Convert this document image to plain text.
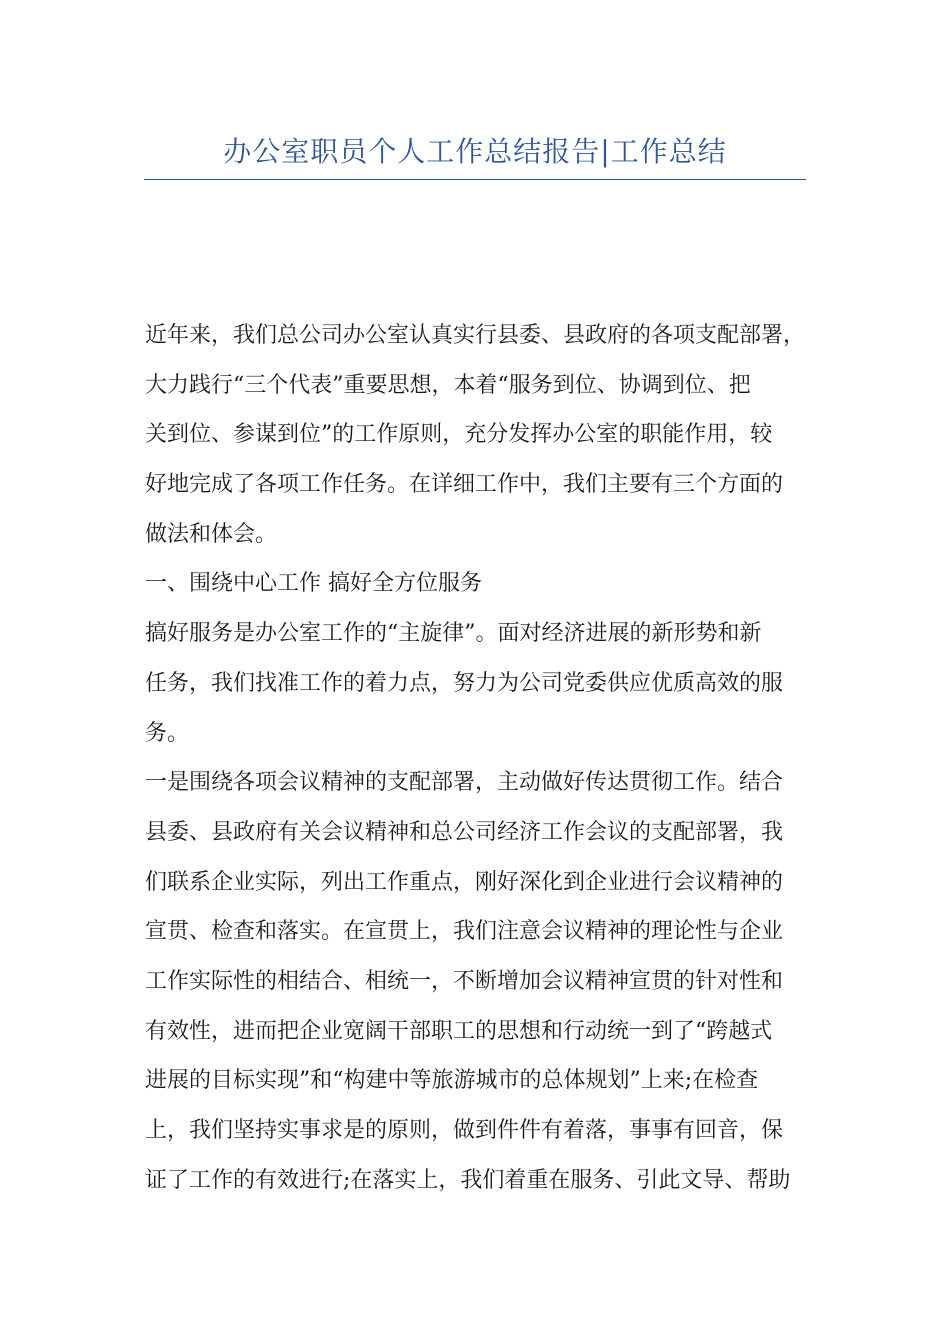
办公室职员个人工作总结报告|工作总结
近年来，我们总公司办公室认真实行县委、县政府的各项支配部署，
大力践行“三个代表”重要思想，本着“服务到位、协调到位、把
关到位、参谋到位”的工作原则，充分发挥办公室的职能作用，较
好地完成了各项工作任务。在详细工作中，我们主要有三个方面的
做法和体会。
一、围绕中心工作 搞好全方位服务
搞好服务是办公室工作的“主旋律”。面对经济进展的新形势和新
任务，我们找准工作的着力点，努力为公司党委供应优质高效的服
务。
一是围绕各项会议精神的支配部署，主动做好传达贯彻工作。结合
县委、县政府有关会议精神和总公司经济工作会议的支配部署，我
们联系企业实际，列出工作重点，刚好深化到企业进行会议精神的
宣贯、检查和落实。在宣贯上，我们注意会议精神的理论性与企业
工作实际性的相结合、相统一，不断增加会议精神宣贯的针对性和
有效性，进而把企业宽阔干部职工的思想和行动统一到了“跨越式
进展的目标实现”和“构建中等旅游城市的总体规划”上来;在检查
上，我们坚持实事求是的原则，做到件件有着落，事事有回音，保
证了工作的有效进行;在落实上，我们着重在服务、引此文导、帮助
